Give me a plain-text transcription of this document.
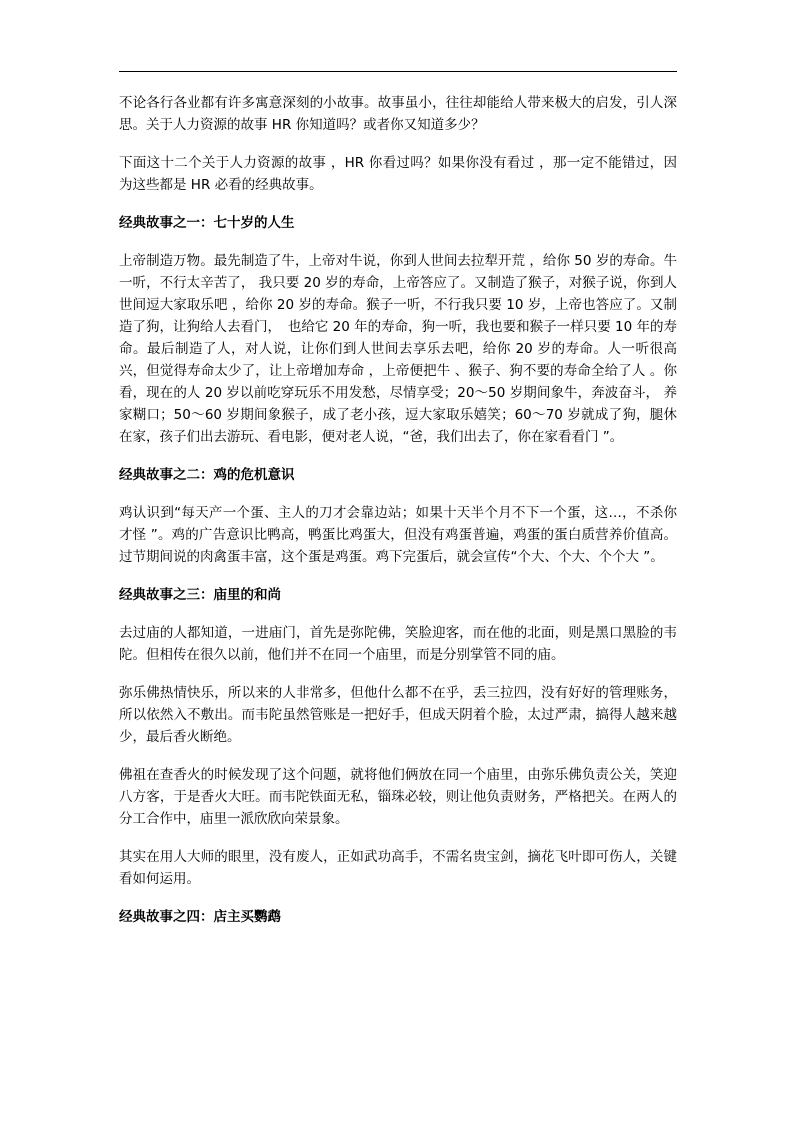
不论各行各业都有许多寓意深刻的小故事。故事虽小，往往却能给人带来极大的启发，引人深思。关于人力资源的故事 HR 你知道吗？或者你又知道多少？

下面这十二个关于人力资源的故事 ，HR 你看过吗？如果你没有看过 ，那一定不能错过，因为这些都是 HR 必看的经典故事。

经典故事之一：七十岁的人生

上帝制造万物。最先制造了牛，上帝对牛说，你到人世间去拉犁开荒 ，给你 50 岁的寿命。牛一听，不行太辛苦了， 我只要 20 岁的寿命，上帝答应了。又制造了猴子，对猴子说，你到人世间逗大家取乐吧 ，给你 20 岁的寿命。猴子一听，不行我只要 10 岁，上帝也答应了。又制造了狗，让狗给人去看门，　也给它 20 年的寿命，狗一听，我也要和猴子一样只要 10 年的寿命。最后制造了人，对人说，让你们到人世间去享乐去吧，给你 20 岁的寿命。人一听很高兴，但觉得寿命太少了，让上帝增加寿命 ，上帝便把牛 、猴子、狗不要的寿命全给了人 。你看，现在的人 20 岁以前吃穿玩乐不用发愁，尽情享受；20～50 岁期间象牛，奔波奋斗， 养家糊口；50～60 岁期间象猴子，成了老小孩，逗大家取乐嬉笑；60～70 岁就成了狗，腿休在家，孩子们出去游玩、看电影，便对老人说，“爸，我们出去了，你在家看看门 ”。

经典故事之二：鸡的危机意识

鸡认识到“每天产一个蛋、主人的刀才会靠边站；如果十天半个月不下一个蛋，这…，不杀你才怪 ”。鸡的广告意识比鸭高，鸭蛋比鸡蛋大，但没有鸡蛋普遍，鸡蛋的蛋白质营养价值高。过节期间说的肉禽蛋丰富，这个蛋是鸡蛋。鸡下完蛋后，就会宣传“个大、个大、个个大 ”。

经典故事之三：庙里的和尚

去过庙的人都知道，一进庙门，首先是弥陀佛，笑脸迎客，而在他的北面，则是黑口黑脸的韦陀。但相传在很久以前，他们并不在同一个庙里，而是分别掌管不同的庙。

弥乐佛热情快乐，所以来的人非常多，但他什么都不在乎，丢三拉四，没有好好的管理账务，所以依然入不敷出。而韦陀虽然管账是一把好手，但成天阴着个脸，太过严肃，搞得人越来越少，最后香火断绝。

佛祖在查香火的时候发现了这个问题，就将他们俩放在同一个庙里，由弥乐佛负责公关，笑迎八方客，于是香火大旺。而韦陀铁面无私，锱珠必较，则让他负责财务，严格把关。在两人的分工合作中，庙里一派欣欣向荣景象。

其实在用人大师的眼里，没有废人，正如武功高手，不需名贵宝剑，摘花飞叶即可伤人，关键看如何运用。

经典故事之四：店主买鹦鹉
